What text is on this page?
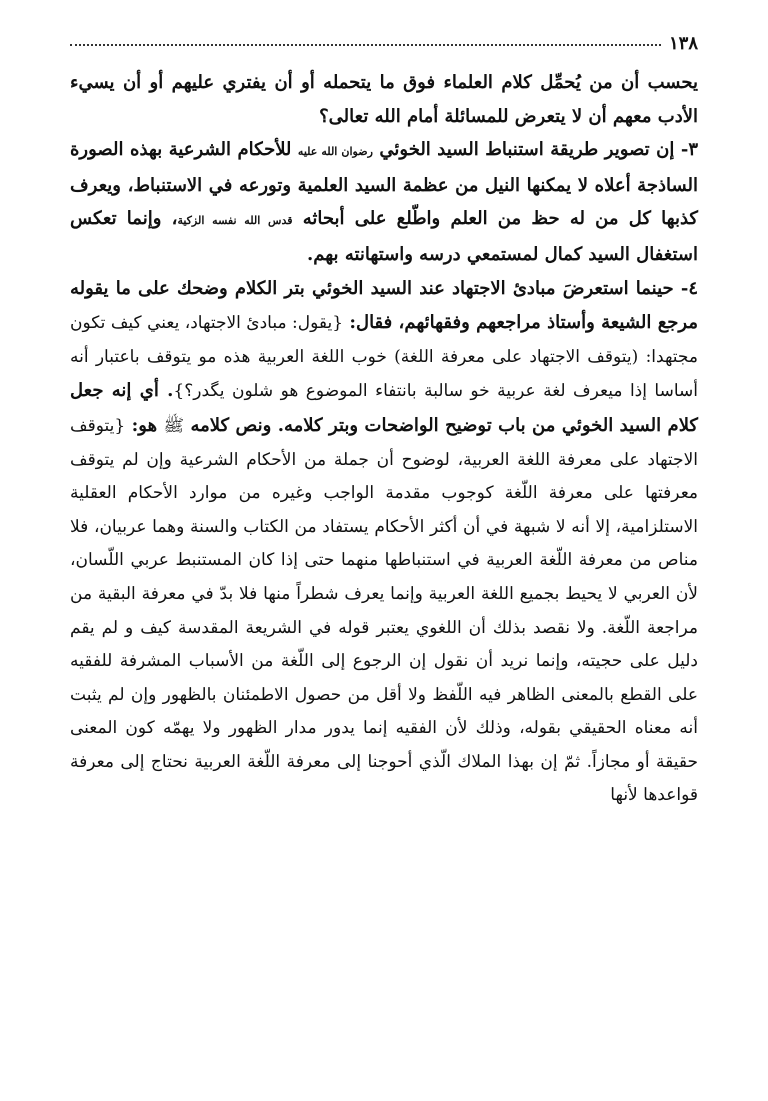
١٣٨

يحسب أن من يُحمِّل كلام العلماء فوق ما يتحمله أو أن يفتري عليهم أو أن يسيء الأدب معهم أن لا يتعرض للمسائلة أمام الله تعالى؟

٣- إن تصوير طريقة استنباط السيد الخوئي رضوان الله عليه للأحكام الشرعية بهذه الصورة الساذجة أعلاه لا يمكنها النيل من عظمة السيد العلمية وتورعه في الاستنباط، ويعرف كذبها كل من له حظ من العلم واطّلع على أبحاثه قدس الله نفسه الزكية، وإنما تعكس استغفال السيد كمال لمستمعي درسه واستهانته بهم.

٤- حينما استعرضَ مبادئ الاجتهاد عند السيد الخوئي بتر الكلام وضحك على ما يقوله مرجع الشيعة وأستاذ مراجعهم وفقهائهم، فقال: {يقول: مبادئ الاجتهاد، يعني كيف تكون مجتهدا: (يتوقف الاجتهاد على معرفة اللغة) خوب اللغة العربية هذه مو يتوقف باعتبار أنه أساسا إذا ميعرف لغة عربية خو سالبة بانتفاء الموضوع هو شلون يگدر؟}. أي إنه جعل كلام السيد الخوئي من باب توضيح الواضحات وبتر كلامه. ونص كلامه ﷺ هو: {يتوقف الاجتهاد على معرفة اللغة العربية، لوضوح أن جملة من الأحكام الشرعية وإن لم يتوقف معرفتها على معرفة اللّغة كوجوب مقدمة الواجب وغيره من موارد الأحكام العقلية الاستلزامية، إلا أنه لا شبهة في أن أكثر الأحكام يستفاد من الكتاب والسنة وهما عربيان، فلا مناص من معرفة اللّغة العربية في استنباطها منهما حتى إذا كان المستنبط عربي اللّسان، لأن العربي لا يحيط بجميع اللغة العربية وإنما يعرف شطراً منها فلا بدّ في معرفة البقية من مراجعة اللّغة. ولا نقصد بذلك أن اللغوي يعتبر قوله في الشريعة المقدسة كيف و لم يقم دليل على حجيته، وإنما نريد أن نقول إن الرجوع إلى اللّغة من الأسباب المشرفة للفقيه على القطع بالمعنى الظاهر فيه اللّفظ ولا أقل من حصول الاطمئنان بالظهور وإن لم يثبت أنه معناه الحقيقي بقوله، وذلك لأن الفقيه إنما يدور مدار الظهور ولا يهمّه كون المعنى حقيقة أو مجازاً. ثمّ إن بهذا الملاك الّذي أحوجنا إلى معرفة اللّغة العربية نحتاج إلى معرفة قواعدها لأنها
